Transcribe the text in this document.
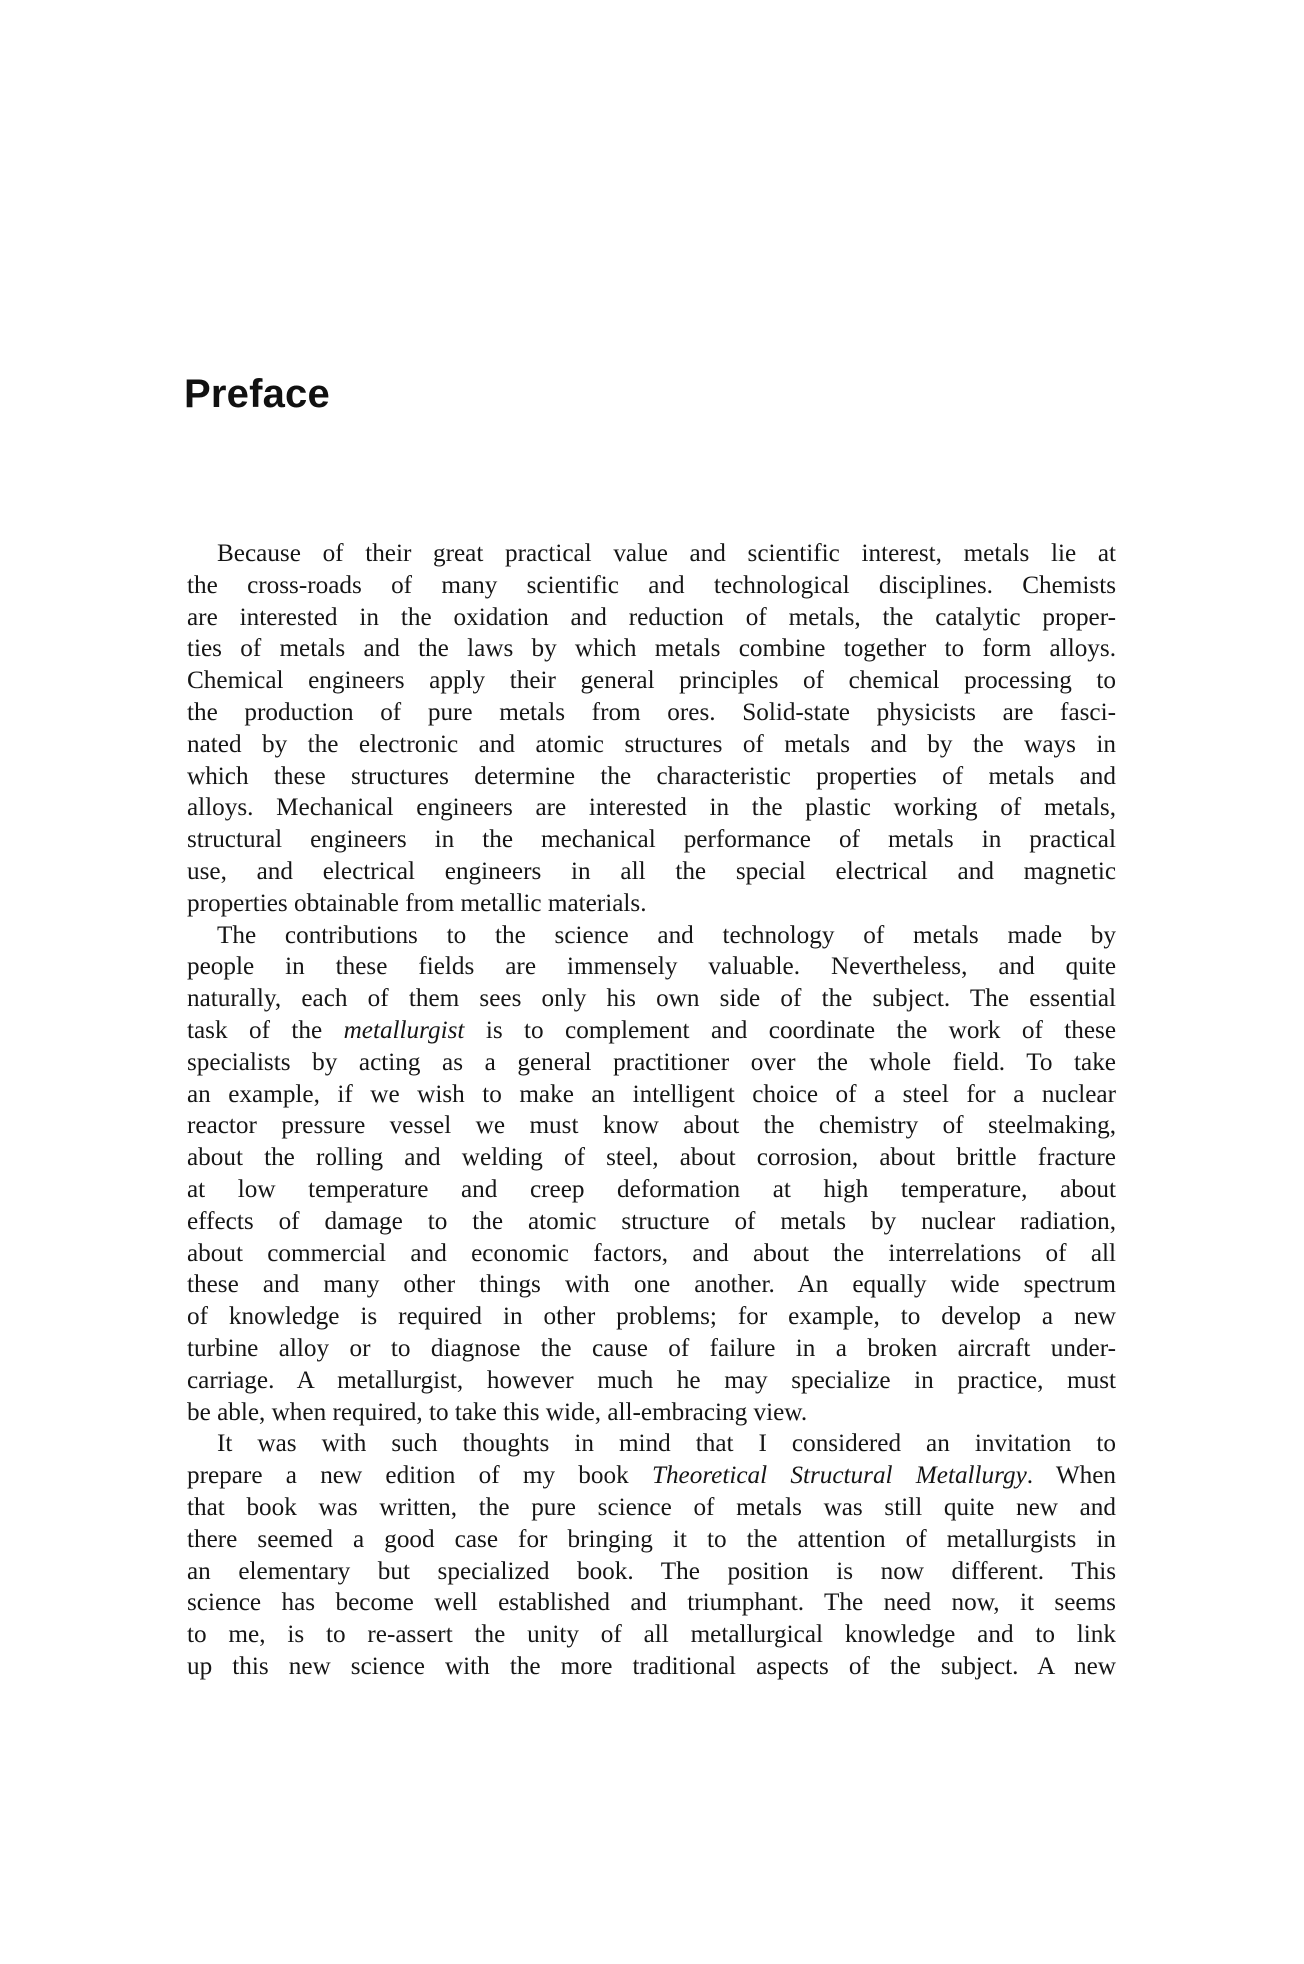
Preface
Because of their great practical value and scientific interest, metals lie at
the cross-roads of many scientific and technological disciplines. Chemists
are interested in the oxidation and reduction of metals, the catalytic proper-
ties of metals and the laws by which metals combine together to form alloys.
Chemical engineers apply their general principles of chemical processing to
the production of pure metals from ores. Solid-state physicists are fasci-
nated by the electronic and atomic structures of metals and by the ways in
which these structures determine the characteristic properties of metals and
alloys. Mechanical engineers are interested in the plastic working of metals,
structural engineers in the mechanical performance of metals in practical
use, and electrical engineers in all the special electrical and magnetic
properties obtainable from metallic materials.
The contributions to the science and technology of metals made by
people in these fields are immensely valuable. Nevertheless, and quite
naturally, each of them sees only his own side of the subject. The essential
task of the metallurgist is to complement and coordinate the work of these
specialists by acting as a general practitioner over the whole field. To take
an example, if we wish to make an intelligent choice of a steel for a nuclear
reactor pressure vessel we must know about the chemistry of steelmaking,
about the rolling and welding of steel, about corrosion, about brittle fracture
at low temperature and creep deformation at high temperature, about
effects of damage to the atomic structure of metals by nuclear radiation,
about commercial and economic factors, and about the interrelations of all
these and many other things with one another. An equally wide spectrum
of knowledge is required in other problems; for example, to develop a new
turbine alloy or to diagnose the cause of failure in a broken aircraft under-
carriage. A metallurgist, however much he may specialize in practice, must
be able, when required, to take this wide, all-embracing view.
It was with such thoughts in mind that I considered an invitation to
prepare a new edition of my book Theoretical Structural Metallurgy. When
that book was written, the pure science of metals was still quite new and
there seemed a good case for bringing it to the attention of metallurgists in
an elementary but specialized book. The position is now different. This
science has become well established and triumphant. The need now, it seems
to me, is to re-assert the unity of all metallurgical knowledge and to link
up this new science with the more traditional aspects of the subject. A new
